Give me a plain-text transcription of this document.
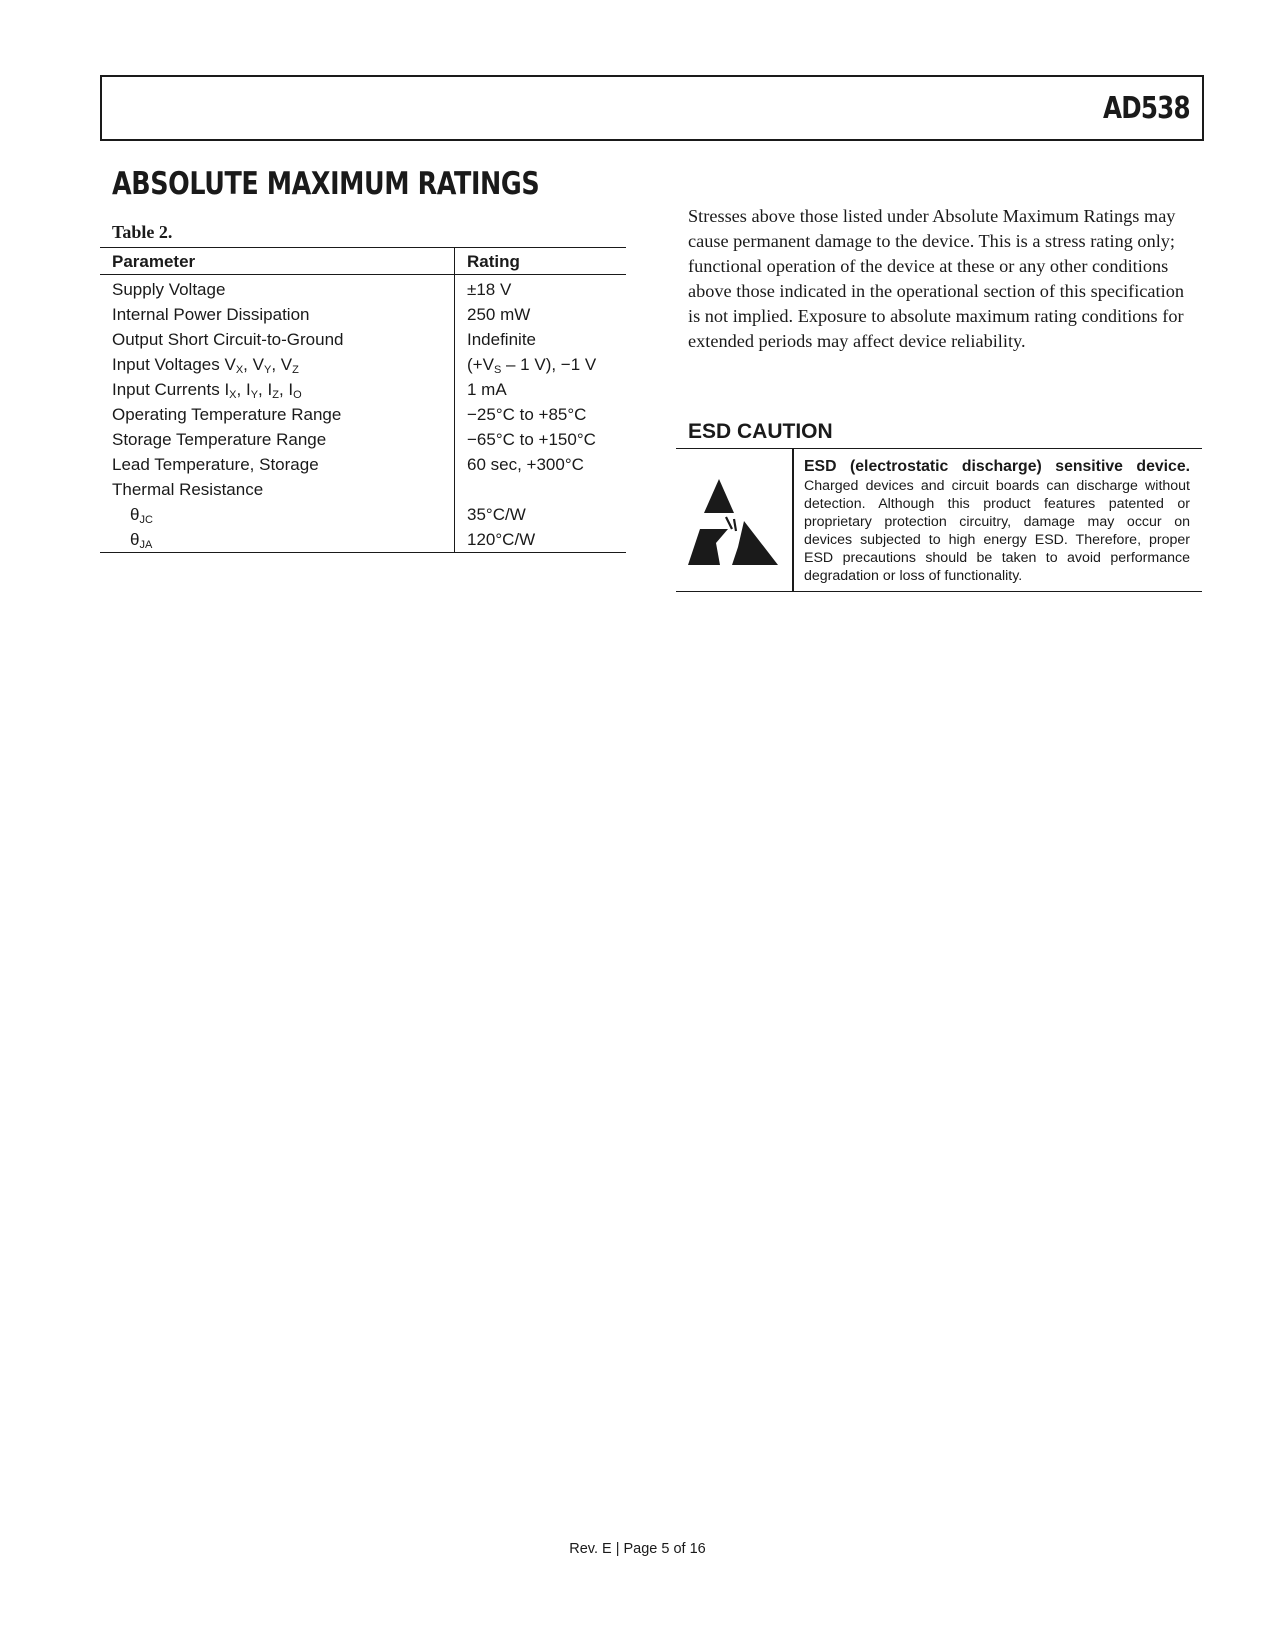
AD538
ABSOLUTE MAXIMUM RATINGS
Table 2.
Parameter	Rating
Supply Voltage	±18 V
Internal Power Dissipation	250 mW
Output Short Circuit-to-Ground	Indefinite
Input Voltages $V_X$, $V_Y$, $V_Z$	($+V_S - 1$ V), −1 V
Input Currents $I_X$, $I_Y$, $I_Z$, $I_O$	1 mA
Operating Temperature Range	−25°C to +85°C
Storage Temperature Range	−65°C to +150°C
Lead Temperature, Storage	60 sec, +300°C
Thermal Resistance	
$\theta_{JC}$	35°C/W
$\theta_{JA}$	120°C/W

Stresses above those listed under Absolute Maximum Ratings may cause permanent damage to the device. This is a stress rating only; functional operation of the device at these or any other conditions above those indicated in the operational section of this specification is not implied. Exposure to absolute maximum rating conditions for extended periods may affect device reliability.

ESD CAUTION
ESD (electrostatic discharge) sensitive device.
Charged devices and circuit boards can discharge without detection. Although this product features patented or proprietary protection circuitry, damage may occur on devices subjected to high energy ESD. Therefore, proper ESD precautions should be taken to avoid performance degradation or loss of functionality.
Rev. E | Page 5 of 16
